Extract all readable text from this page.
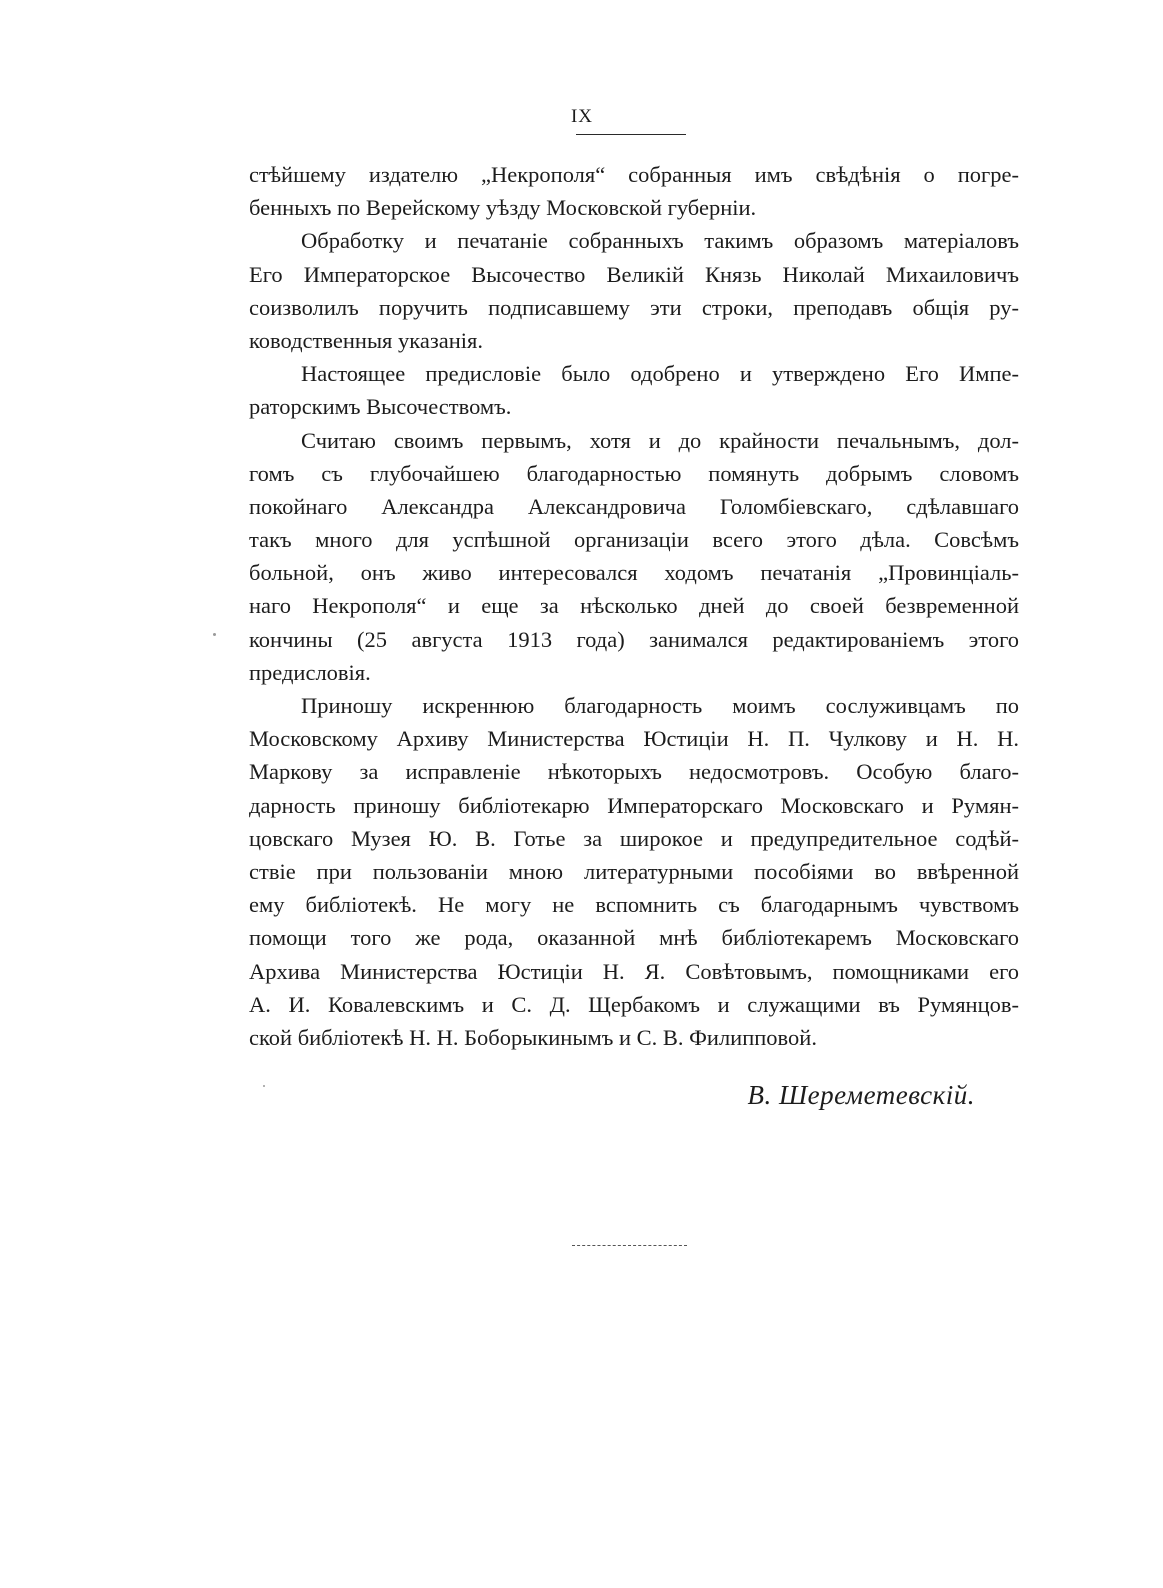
IX
стѣйшему издателю „Некрополя“ собранныя имъ свѣдѣнія о погре-
бенныхъ по Верейскому уѣзду Московской губерніи.
Обработку и печатаніе собранныхъ такимъ образомъ матеріаловъ
Его Императорское Высочество Великій Князь Николай Михаиловичъ
соизволилъ поручить подписавшему эти строки, преподавъ общія ру-
ководственныя указанія.
Настоящее предисловіе было одобрено и утверждено Его Импе-
раторскимъ Высочествомъ.
Считаю своимъ первымъ, хотя и до крайности печальнымъ, дол-
гомъ съ глубочайшею благодарностью помянуть добрымъ словомъ
покойнаго Александра Александровича Голомбіевскаго, сдѣлавшаго
такъ много для успѣшной организаціи всего этого дѣла. Совсѣмъ
больной, онъ живо интересовался ходомъ печатанія „Провинціаль-
наго Некрополя“ и еще за нѣсколько дней до своей безвременной
кончины (25 августа 1913 года) занимался редактированіемъ этого
предисловія.
Приношу искреннюю благодарность моимъ сослуживцамъ по
Московскому Архиву Министерства Юстиціи Н. П. Чулкову и Н. Н.
Маркову за исправленіе нѣкоторыхъ недосмотровъ. Особую благо-
дарность приношу библіотекарю Императорскаго Московскаго и Румян-
цовскаго Музея Ю. В. Готье за широкое и предупредительное содѣй-
ствіе при пользованіи мною литературными пособіями во ввѣренной
ему библіотекѣ. Не могу не вспомнить съ благодарнымъ чувствомъ
помощи того же рода, оказанной мнѣ библіотекаремъ Московскаго
Архива Министерства Юстиціи Н. Я. Совѣтовымъ, помощниками его
А. И. Ковалевскимъ и С. Д. Щербакомъ и служащими въ Румянцов-
ской библіотекѣ Н. Н. Боборыкинымъ и С. В. Филипповой.
В. Шереметевскій.
